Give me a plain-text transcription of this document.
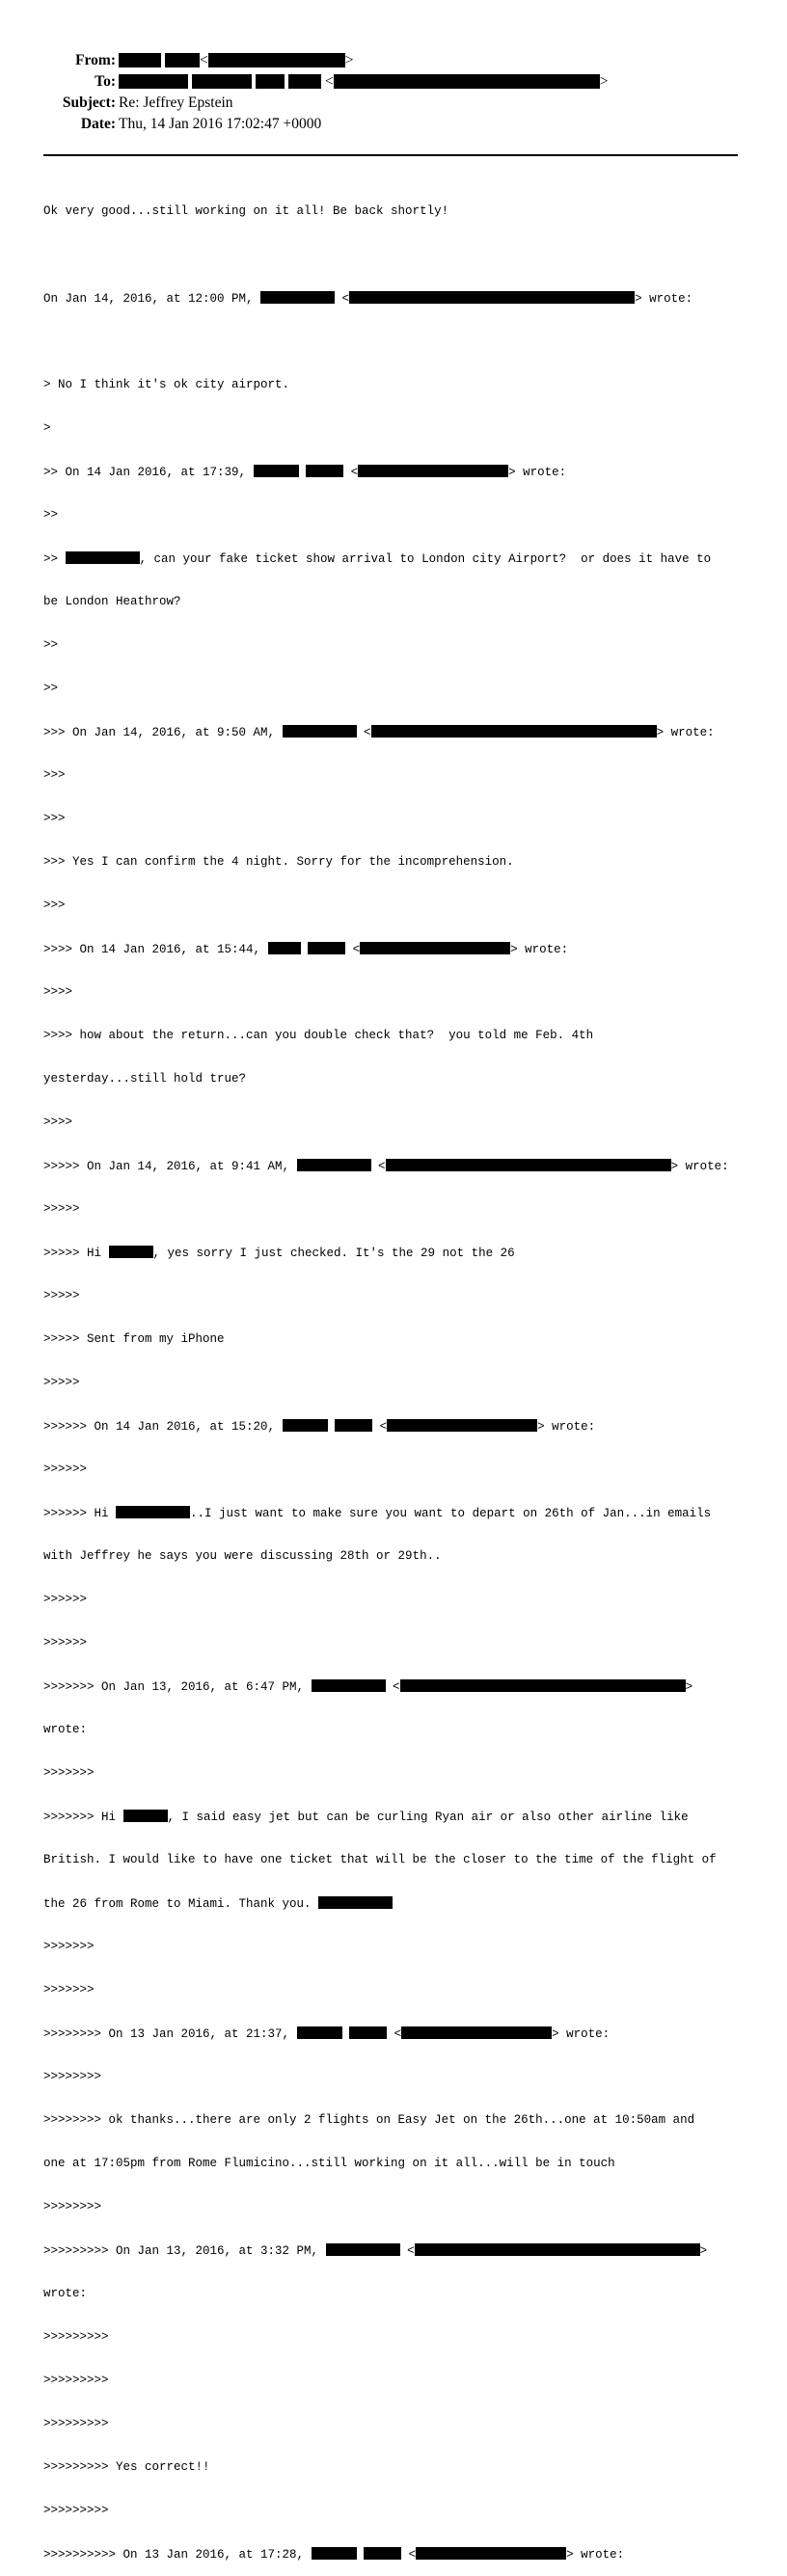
From:	<	>
To:	<	>
Subject: Re: Jeffrey Epstein
Date: Thu, 14 Jan 2016 17:02:47 +0000

Ok very good...still working on it all! Be back shortly!

On Jan 14, 2016, at 12:00 PM,	<	> wrote:

> No I think it's ok city airport.

>

>> On 14 Jan 2016, at 17:39,	<	> wrote:

>>

>>	, can your fake ticket show arrival to London city Airport?  or does it have to

be London Heathrow?

>>

>>

>>> On Jan 14, 2016, at 9:50 AM,	<	> wrote:

>>>

>>>

>>> Yes I can confirm the 4 night. Sorry for the incomprehension.

>>>

>>>> On 14 Jan 2016, at 15:44,	<	> wrote:

>>>>

>>>> how about the return...can you double check that?  you told me Feb. 4th

yesterday...still hold true?

>>>>

>>>>> On Jan 14, 2016, at 9:41 AM,	<	> wrote:

>>>>>

>>>>> Hi	, yes sorry I just checked. It's the 29 not the 26

>>>>>

>>>>> Sent from my iPhone

>>>>>

>>>>>> On 14 Jan 2016, at 15:20,	<	> wrote:

>>>>>>

>>>>>> Hi	..I just want to make sure you want to depart on 26th of Jan...in emails

with Jeffrey he says you were discussing 28th or 29th..

>>>>>>

>>>>>>

>>>>>>> On Jan 13, 2016, at 6:47 PM,	<	>

wrote:

>>>>>>>

>>>>>>> Hi	, I said easy jet but can be curling Ryan air or also other airline like

British. I would like to have one ticket that will be the closer to the time of the flight of

the 26 from Rome to Miami. Thank you.

>>>>>>>

>>>>>>>

>>>>>>>> On 13 Jan 2016, at 21:37,	<	> wrote:

>>>>>>>>

>>>>>>>> ok thanks...there are only 2 flights on Easy Jet on the 26th...one at 10:50am and

one at 17:05pm from Rome Flumicino...still working on it all...will be in touch

>>>>>>>>

>>>>>>>>> On Jan 13, 2016, at 3:32 PM,	<	>

wrote:

>>>>>>>>>

>>>>>>>>>

>>>>>>>>>

>>>>>>>>> Yes correct!!

>>>>>>>>>

>>>>>>>>>> On 13 Jan 2016, at 17:28,	<	> wrote:
